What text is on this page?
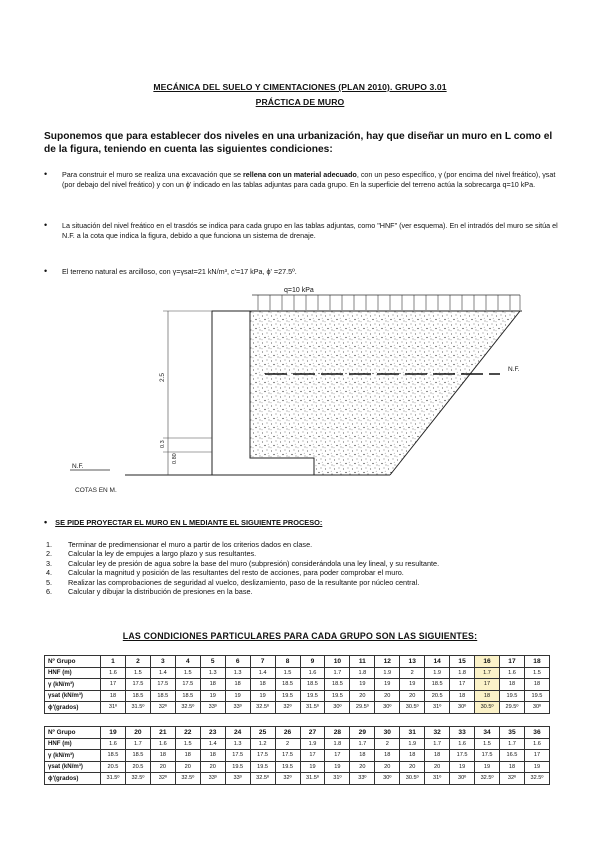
MECÁNICA DEL SUELO Y CIMENTACIONES (PLAN 2010). GRUPO 3.01
PRÁCTICA DE MURO
Suponemos que para establecer dos niveles en una urbanización, hay que diseñar un muro en L como el de la figura, teniendo en cuenta las siguientes condiciones:
• Para construir el muro se realiza una excavación que se rellena con un material adecuado, con un peso específico, γ (por encima del nivel freático), γsat (por debajo del nivel freático) y con un ϕ' indicado en las tablas adjuntas para cada grupo. En la superficie del terreno actúa la sobrecarga q=10 kPa.
• La situación del nivel freático en el trasdós se indica para cada grupo en las tablas adjuntas, como "HNF" (ver esquema). En el intradós del muro se sitúa el N.F. a la cota que indica la figura, debido a que funciona un sistema de drenaje.
• El terreno natural es arcilloso, con γ=γsat=21 kN/m³, c'=17 kPa, ϕ' =27.5º.
q=10 kPa
N.F.
N.F.
2.5
0.3
0.80
COTAS EN M.
• SE PIDE PROYECTAR EL MURO EN L MEDIANTE EL SIGUIENTE PROCESO:
1. Terminar de predimensionar el muro a partir de los criterios dados en clase.
2. Calcular la ley de empujes a largo plazo y sus resultantes.
3. Calcular ley de presión de agua sobre la base del muro (subpresión) considerándola una ley lineal, y su resultante.
4. Calcular la magnitud y posición de las resultantes del resto de acciones, para poder comprobar el muro.
5. Realizar las comprobaciones de seguridad al vuelco, deslizamiento, paso de la resultante por núcleo central.
6. Calcular y dibujar la distribución de presiones en la base.
LAS CONDICIONES PARTICULARES PARA CADA GRUPO SON LAS SIGUIENTES:
Nº Grupo	1	2	3	4	5	6	7	8	9	10	11	12	13	14	15	16	17	18
HNF (m)	1.6	1.5	1.4	1.5	1.3	1.3	1.4	1.5	1.6	1.7	1.8	1.9	2	1.9	1.8	1.7	1.6	1.5
γ (kN/m³)	17	17.5	17.5	17.5	18	18	18	18.5	18.5	18.5	19	19	19	18.5	17	17	18	18
γsat (kN/m³)	18	18.5	18.5	18.5	19	19	19	19.5	19.5	19.5	20	20	20	20.5	18	18	19.5	19.5
ϕ'(grados)	31º	31.5º	32º	32.5º	33º	33º	32.5º	32º	31.5º	30º	29.5º	30º	30.5º	31º	30º	30.5º	29.5º	30º
Nº Grupo	19	20	21	22	23	24	25	26	27	28	29	30	31	32	33	34	35	36
HNF (m)	1.6	1.7	1.6	1.5	1.4	1.3	1.2	2	1.9	1.8	1.7	2	1.9	1.7	1.6	1.5	1.7	1.6
γ (kN/m³)	18.5	18.5	18	18	18	17.5	17.5	17.5	17	17	18	18	18	18	17.5	17.5	16.5	17
γsat (kN/m³)	20.5	20.5	20	20	20	19.5	19.5	19.5	19	19	20	20	20	20	19	19	18	19
ϕ'(grados)	31.5º	32.5º	32º	32.5º	33º	33º	32.5º	32º	31.5º	31º	33º	30º	30.5º	31º	30º	32.5º	32º	32.5º
